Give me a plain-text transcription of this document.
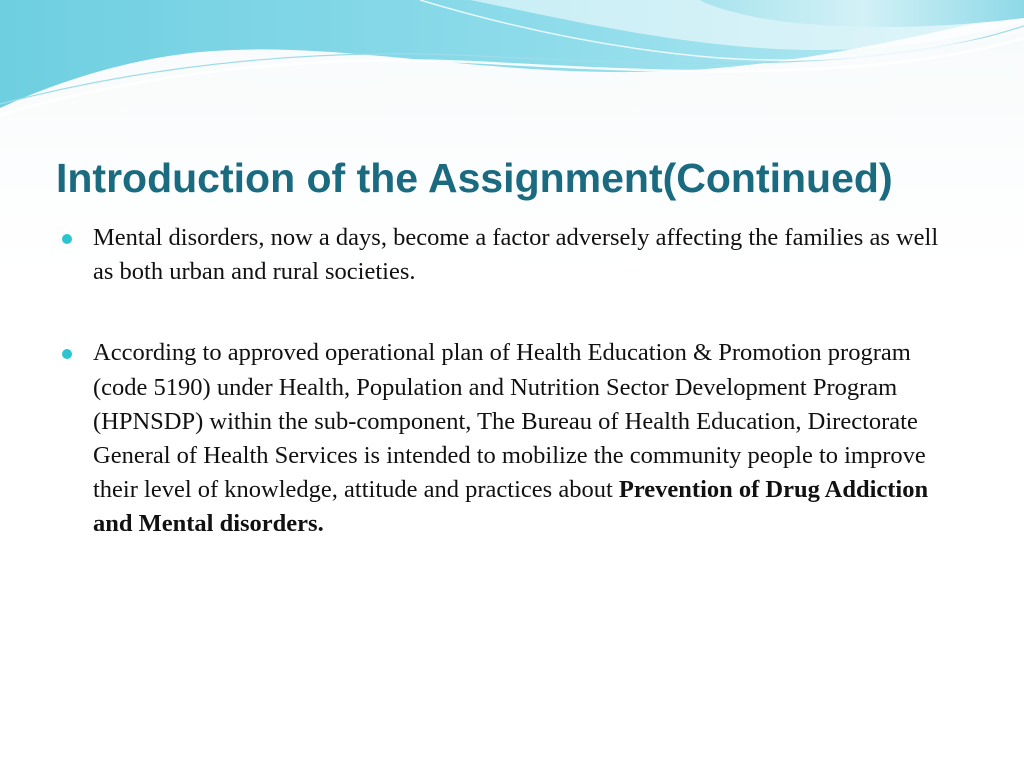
Introduction of the Assignment(Continued)
Mental disorders, now a days, become a factor adversely affecting the families as well as both urban and rural societies.
According to approved operational plan of Health Education & Promotion program (code 5190) under Health, Population and Nutrition Sector Development Program (HPNSDP) within the sub-component, The Bureau of Health Education, Directorate General of Health Services is intended to mobilize the community people to improve their level of knowledge, attitude and practices about Prevention of Drug Addiction and Mental disorders.
